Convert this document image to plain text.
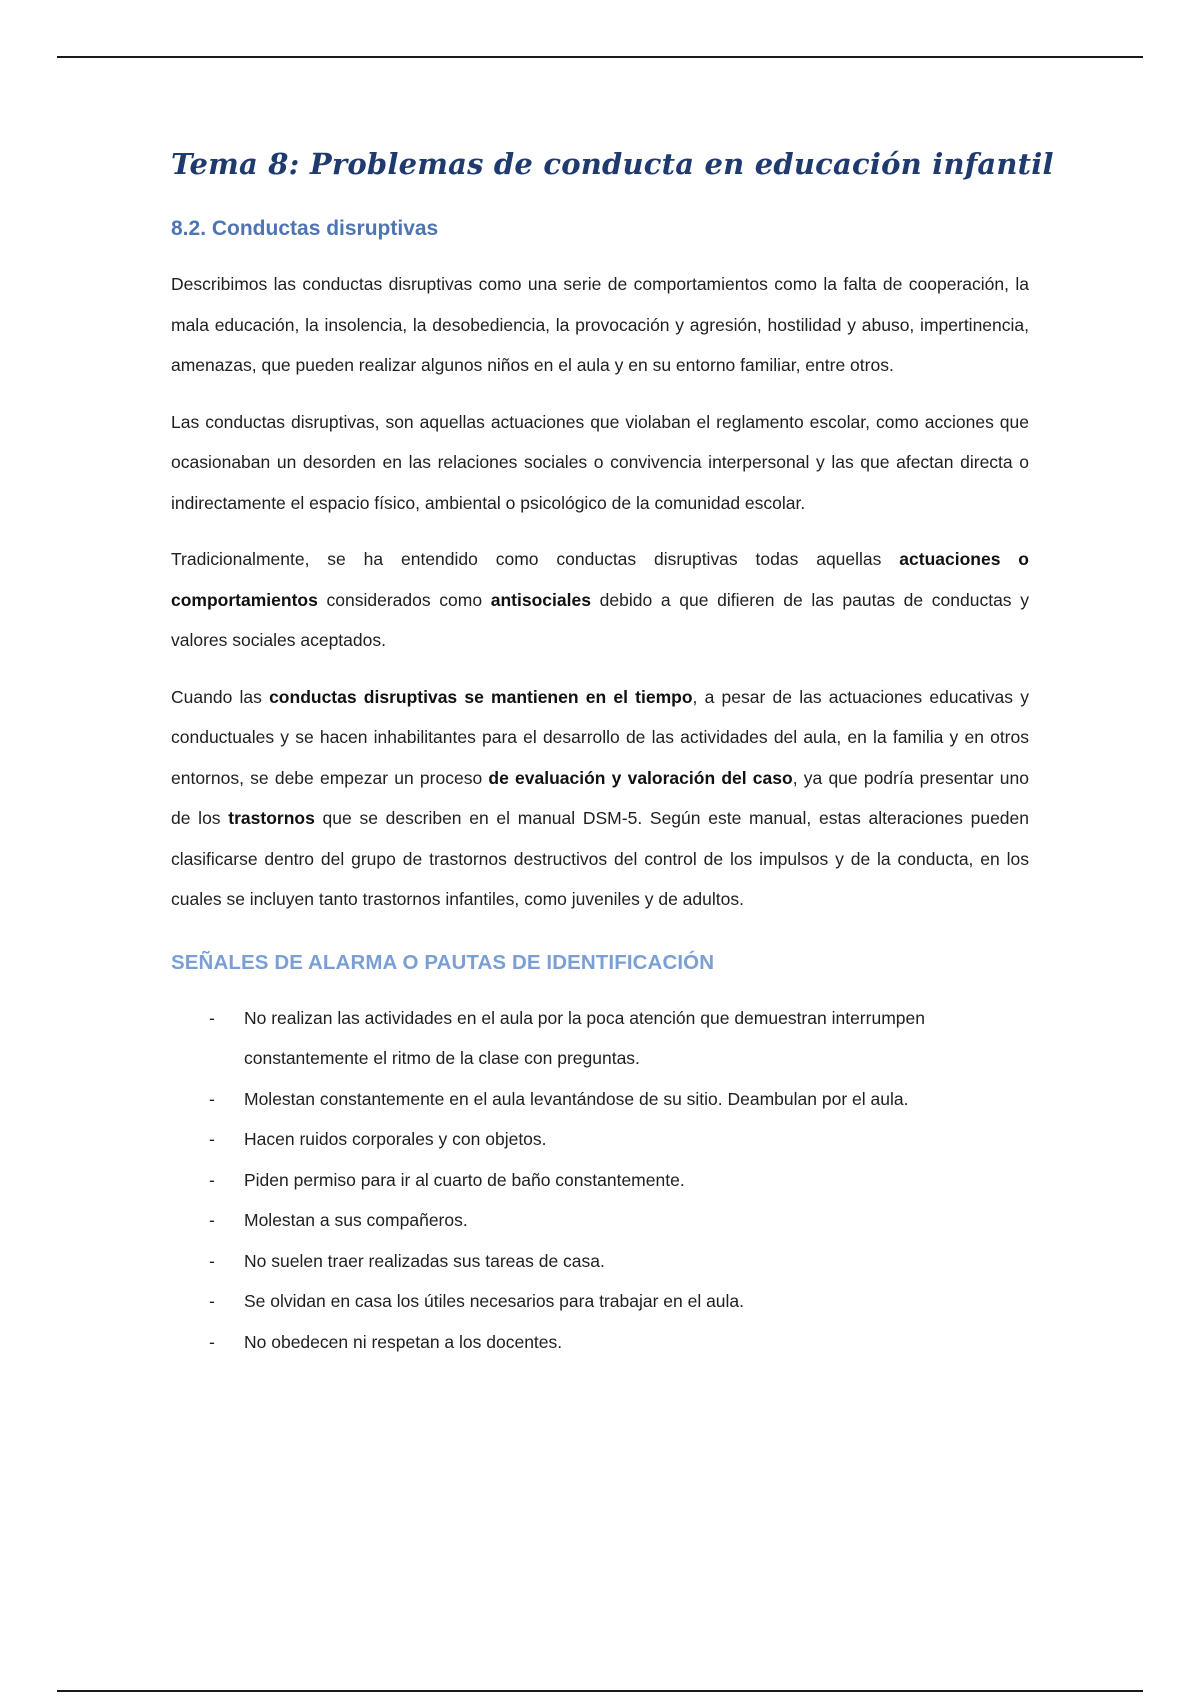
Tema 8: Problemas de conducta en educación infantil
8.2. Conductas disruptivas

Describimos las conductas disruptivas como una serie de comportamientos como la falta de cooperación, la mala educación, la insolencia, la desobediencia, la provocación y agresión, hostilidad y abuso, impertinencia, amenazas, que pueden realizar algunos niños en el aula y en su entorno familiar, entre otros.

Las conductas disruptivas, son aquellas actuaciones que violaban el reglamento escolar, como acciones que ocasionaban un desorden en las relaciones sociales o convivencia interpersonal y las que afectan directa o indirectamente el espacio físico, ambiental o psicológico de la comunidad escolar.

Tradicionalmente, se ha entendido como conductas disruptivas todas aquellas actuaciones o comportamientos considerados como antisociales debido a que difieren de las pautas de conductas y valores sociales aceptados.

Cuando las conductas disruptivas se mantienen en el tiempo, a pesar de las actuaciones educativas y conductuales y se hacen inhabilitantes para el desarrollo de las actividades del aula, en la familia y en otros entornos, se debe empezar un proceso de evaluación y valoración del caso, ya que podría presentar uno de los trastornos que se describen en el manual DSM-5. Según este manual, estas alteraciones pueden clasificarse dentro del grupo de trastornos destructivos del control de los impulsos y de la conducta, en los cuales se incluyen tanto trastornos infantiles, como juveniles y de adultos.

SEÑALES DE ALARMA O PAUTAS DE IDENTIFICACIÓN
- No realizan las actividades en el aula por la poca atención que demuestran interrumpen constantemente el ritmo de la clase con preguntas.
- Molestan constantemente en el aula levantándose de su sitio. Deambulan por el aula.
- Hacen ruidos corporales y con objetos.
- Piden permiso para ir al cuarto de baño constantemente.
- Molestan a sus compañeros.
- No suelen traer realizadas sus tareas de casa.
- Se olvidan en casa los útiles necesarios para trabajar en el aula.
- No obedecen ni respetan a los docentes.
